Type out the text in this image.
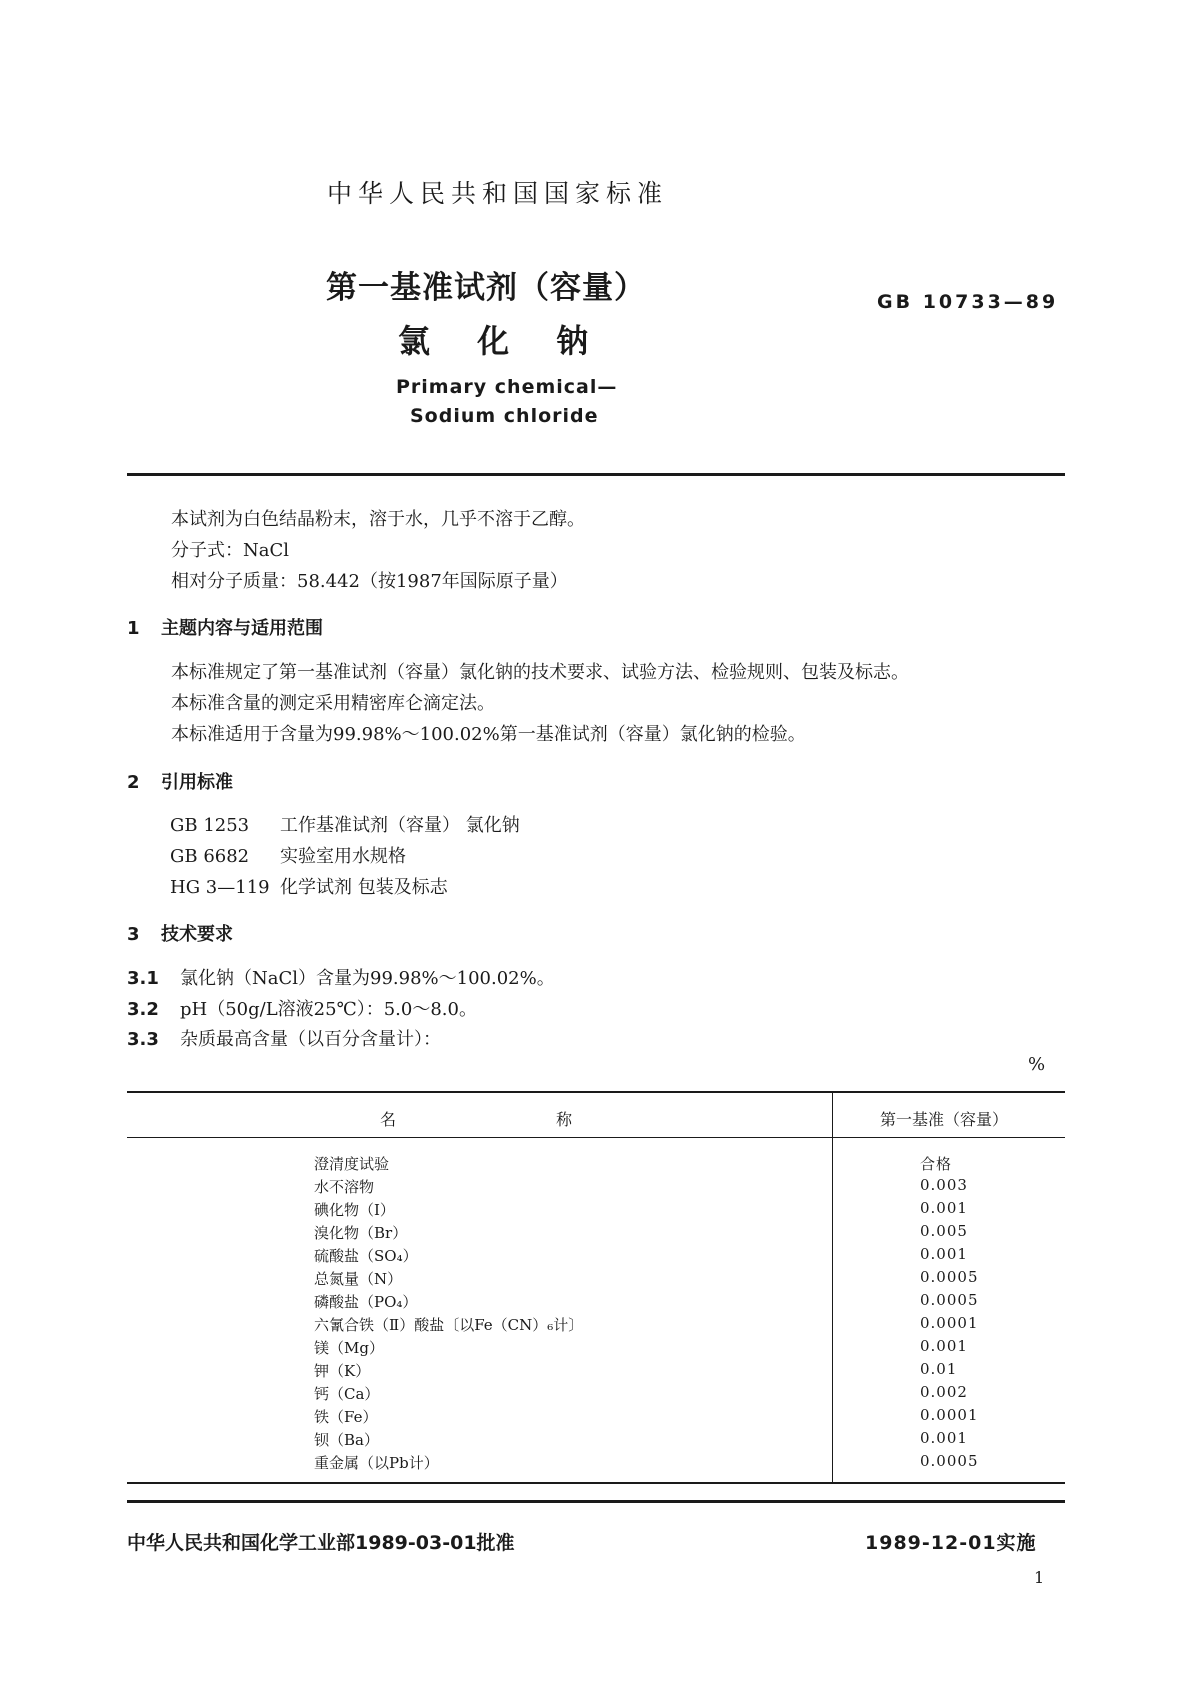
中华人民共和国国家标准
第一基准试剂（容量）
氯 化 钠
GB 10733—89
Primary chemical—
Sodium chloride
本试剂为白色结晶粉末，溶于水，几乎不溶于乙醇。
分子式：NaCl
相对分子质量：58.442（按1987年国际原子量）
1 主题内容与适用范围
本标准规定了第一基准试剂（容量）氯化钠的技术要求、试验方法、检验规则、包装及标志。
本标准含量的测定采用精密库仑滴定法。
本标准适用于含量为99.98%～100.02%第一基准试剂（容量）氯化钠的检验。
2 引用标准
GB 1253 工作基准试剂（容量） 氯化钠
GB 6682 实验室用水规格
HG 3—119 化学试剂 包装及标志
3 技术要求
3.1 氯化钠（NaCl）含量为99.98%～100.02%。
3.2 pH（50g/L溶液25℃）：5.0～8.0。
3.3 杂质最高含量（以百分含量计）：
%
名	称	第一基准（容量）
澄清度试验	合格
水不溶物	0.003
碘化物（I）	0.001
溴化物（Br）	0.005
硫酸盐（SO₄）	0.001
总氮量（N）	0.0005
磷酸盐（PO₄）	0.0005
六氰合铁（Ⅱ）酸盐〔以Fe（CN）₆计〕	0.0001
镁（Mg）	0.001
钾（K）	0.01
钙（Ca）	0.002
铁（Fe）	0.0001
钡（Ba）	0.001
重金属（以Pb计）	0.0005
中华人民共和国化学工业部1989-03-01批准	1989-12-01实施
1
